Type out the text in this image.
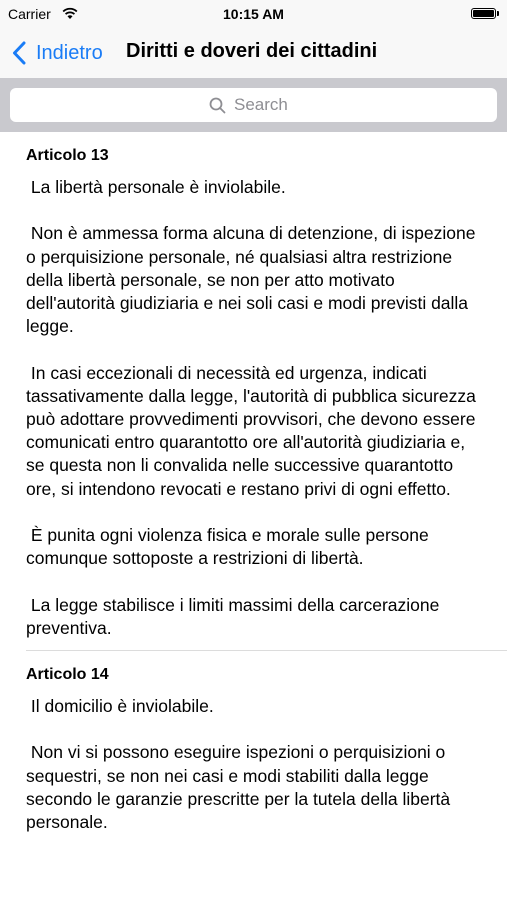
Carrier	10:15 AM
Indietro Diritti e doveri dei cittadini
Search
Articolo 13

La libertà personale è inviolabile.

Non è ammessa forma alcuna di detenzione, di ispezione o perquisizione personale, né qualsiasi altra restrizione della libertà personale, se non per atto motivato dell'autorità giudiziaria e nei soli casi e modi previsti dalla legge.

In casi eccezionali di necessità ed urgenza, indicati tassativamente dalla legge, l'autorità di pubblica sicurezza può adottare provvedimenti provvisori, che devono essere comunicati entro quarantotto ore all'autorità giudiziaria e, se questa non li convalida nelle successive quarantotto ore, si intendono revocati e restano privi di ogni effetto.

È punita ogni violenza fisica e morale sulle persone comunque sottoposte a restrizioni di libertà.

La legge stabilisce i limiti massimi della carcerazione preventiva.

Articolo 14

Il domicilio è inviolabile.

Non vi si possono eseguire ispezioni o perquisizioni o sequestri, se non nei casi e modi stabiliti dalla legge secondo le garanzie prescritte per la tutela della libertà personale.
